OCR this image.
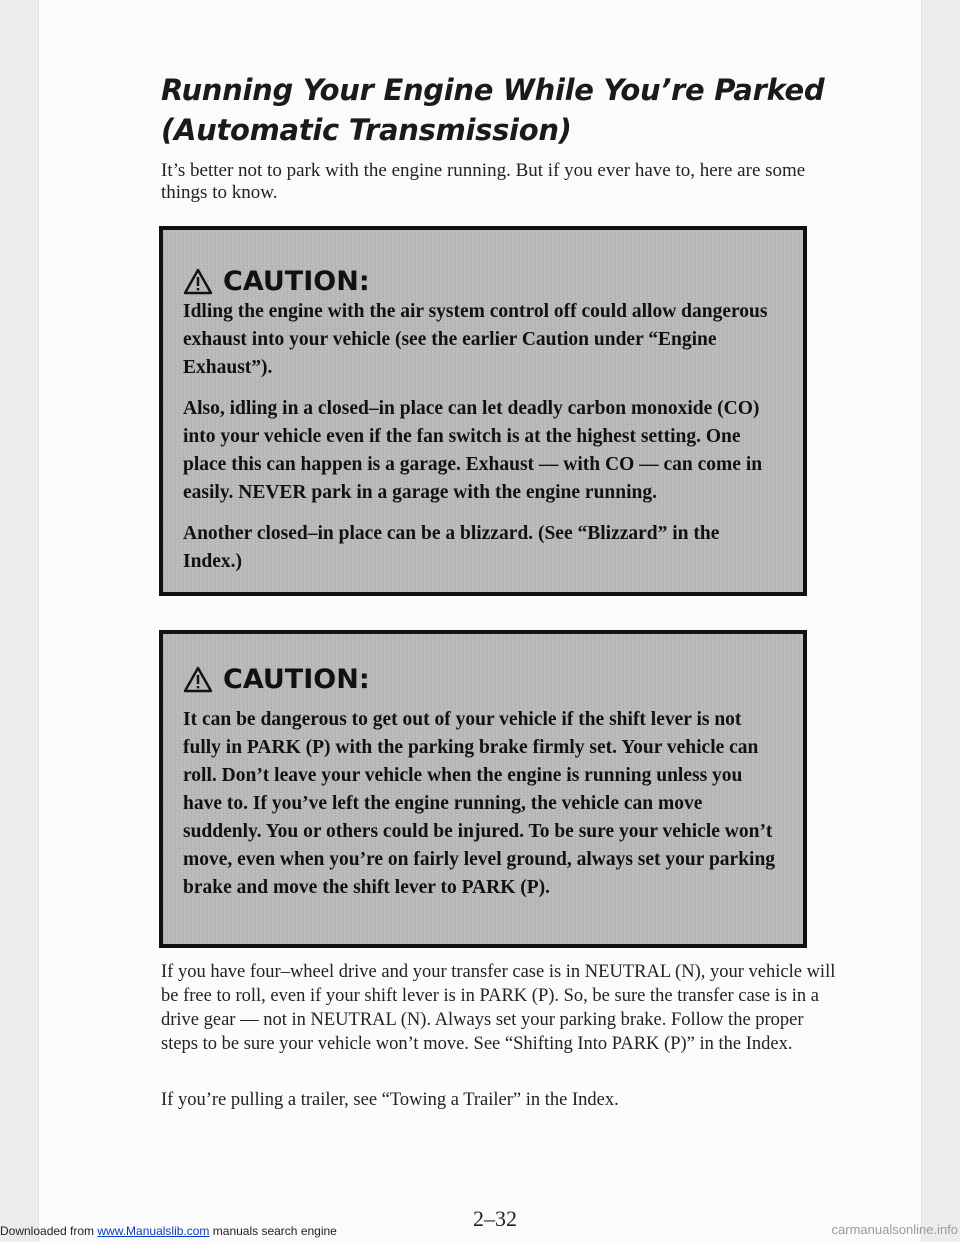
Running Your Engine While You’re Parked
(Automatic Transmission)

It’s better not to park with the engine running. But if you ever have to, here are some things to know.

CAUTION:

Idling the engine with the air system control off could allow dangerous exhaust into your vehicle (see the earlier Caution under “Engine Exhaust”).

Also, idling in a closed–in place can let deadly carbon monoxide (CO) into your vehicle even if the fan switch is at the highest setting. One place this can happen is a garage. Exhaust — with CO — can come in easily. NEVER park in a garage with the engine running.

Another closed–in place can be a blizzard. (See “Blizzard” in the Index.)

CAUTION:

It can be dangerous to get out of your vehicle if the shift lever is not fully in PARK (P) with the parking brake firmly set. Your vehicle can roll. Don’t leave your vehicle when the engine is running unless you have to. If you’ve left the engine running, the vehicle can move suddenly. You or others could be injured. To be sure your vehicle won’t move, even when you’re on fairly level ground, always set your parking brake and move the shift lever to PARK (P).

If you have four–wheel drive and your transfer case is in NEUTRAL (N), your vehicle will be free to roll, even if your shift lever is in PARK (P). So, be sure the transfer case is in a drive gear — not in NEUTRAL (N). Always set your parking brake. Follow the proper steps to be sure your vehicle won’t move. See “Shifting Into PARK (P)” in the Index.

If you’re pulling a trailer, see “Towing a Trailer” in the Index.

2–32
Downloaded from www.Manualslib.com manuals search engine	carmanualsonline.info
